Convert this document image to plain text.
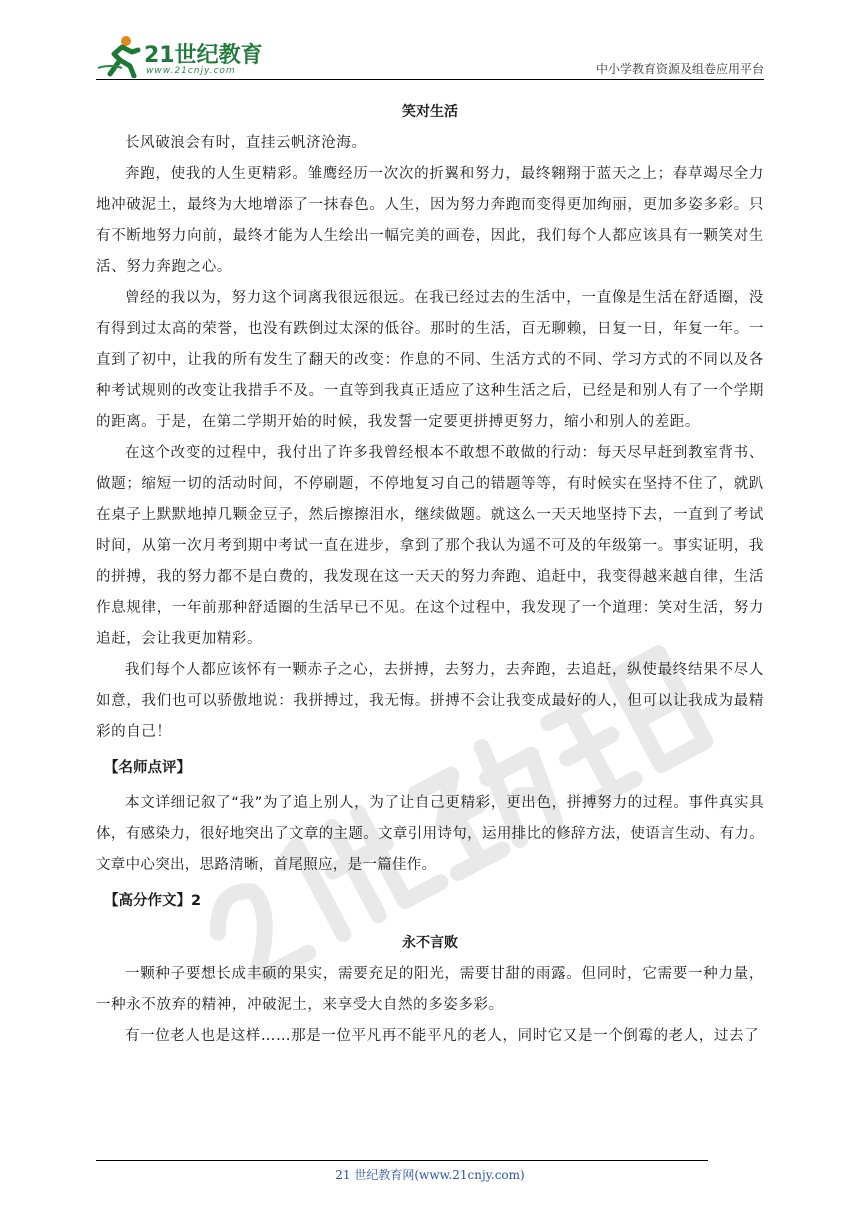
21世纪教育
www.21cnjy.com	中小学教育资源及组卷应用平台
笑对生活

长风破浪会有时，直挂云帆济沧海。

奔跑，使我的人生更精彩。雏鹰经历一次次的折翼和努力，最终翱翔于蓝天之上；春草竭尽全力地冲破泥土，最终为大地增添了一抹春色。人生，因为努力奔跑而变得更加绚丽，更加多姿多彩。只有不断地努力向前，最终才能为人生绘出一幅完美的画卷，因此，我们每个人都应该具有一颗笑对生活、努力奔跑之心。

曾经的我以为，努力这个词离我很远很远。在我已经过去的生活中，一直像是生活在舒适圈，没有得到过太高的荣誉，也没有跌倒过太深的低谷。那时的生活，百无聊赖，日复一日，年复一年。一直到了初中，让我的所有发生了翻天的改变：作息的不同、生活方式的不同、学习方式的不同以及各种考试规则的改变让我措手不及。一直等到我真正适应了这种生活之后，已经是和别人有了一个学期的距离。于是，在第二学期开始的时候，我发誓一定要更拼搏更努力，缩小和别人的差距。

在这个改变的过程中，我付出了许多我曾经根本不敢想不敢做的行动：每天尽早赶到教室背书、做题；缩短一切的活动时间，不停刷题，不停地复习自己的错题等等，有时候实在坚持不住了，就趴在桌子上默默地掉几颗金豆子，然后擦擦泪水，继续做题。就这么一天天地坚持下去，一直到了考试时间，从第一次月考到期中考试一直在进步，拿到了那个我认为遥不可及的年级第一。事实证明，我的拼搏，我的努力都不是白费的，我发现在这一天天的努力奔跑、追赶中，我变得越来越自律，生活作息规律，一年前那种舒适圈的生活早已不见。在这个过程中，我发现了一个道理：笑对生活，努力追赶，会让我更加精彩。

我们每个人都应该怀有一颗赤子之心，去拼搏，去努力，去奔跑，去追赶，纵使最终结果不尽人如意，我们也可以骄傲地说：我拼搏过，我无悔。拼搏不会让我变成最好的人，但可以让我成为最精彩的自己！

【名师点评】

本文详细记叙了“我”为了追上别人，为了让自己更精彩，更出色，拼搏努力的过程。事件真实具体，有感染力，很好地突出了文章的主题。文章引用诗句，运用排比的修辞方法，使语言生动、有力。文章中心突出，思路清晰，首尾照应，是一篇佳作。

【高分作文】2
永不言败

一颗种子要想长成丰硕的果实，需要充足的阳光，需要甘甜的雨露。但同时，它需要一种力量，一种永不放弃的精神，冲破泥土，来享受大自然的多姿多彩。

有一位老人也是这样……那是一位平凡再不能平凡的老人，同时它又是一个倒霉的老人，过去了

21 世纪教育网(www.21cnjy.com)
